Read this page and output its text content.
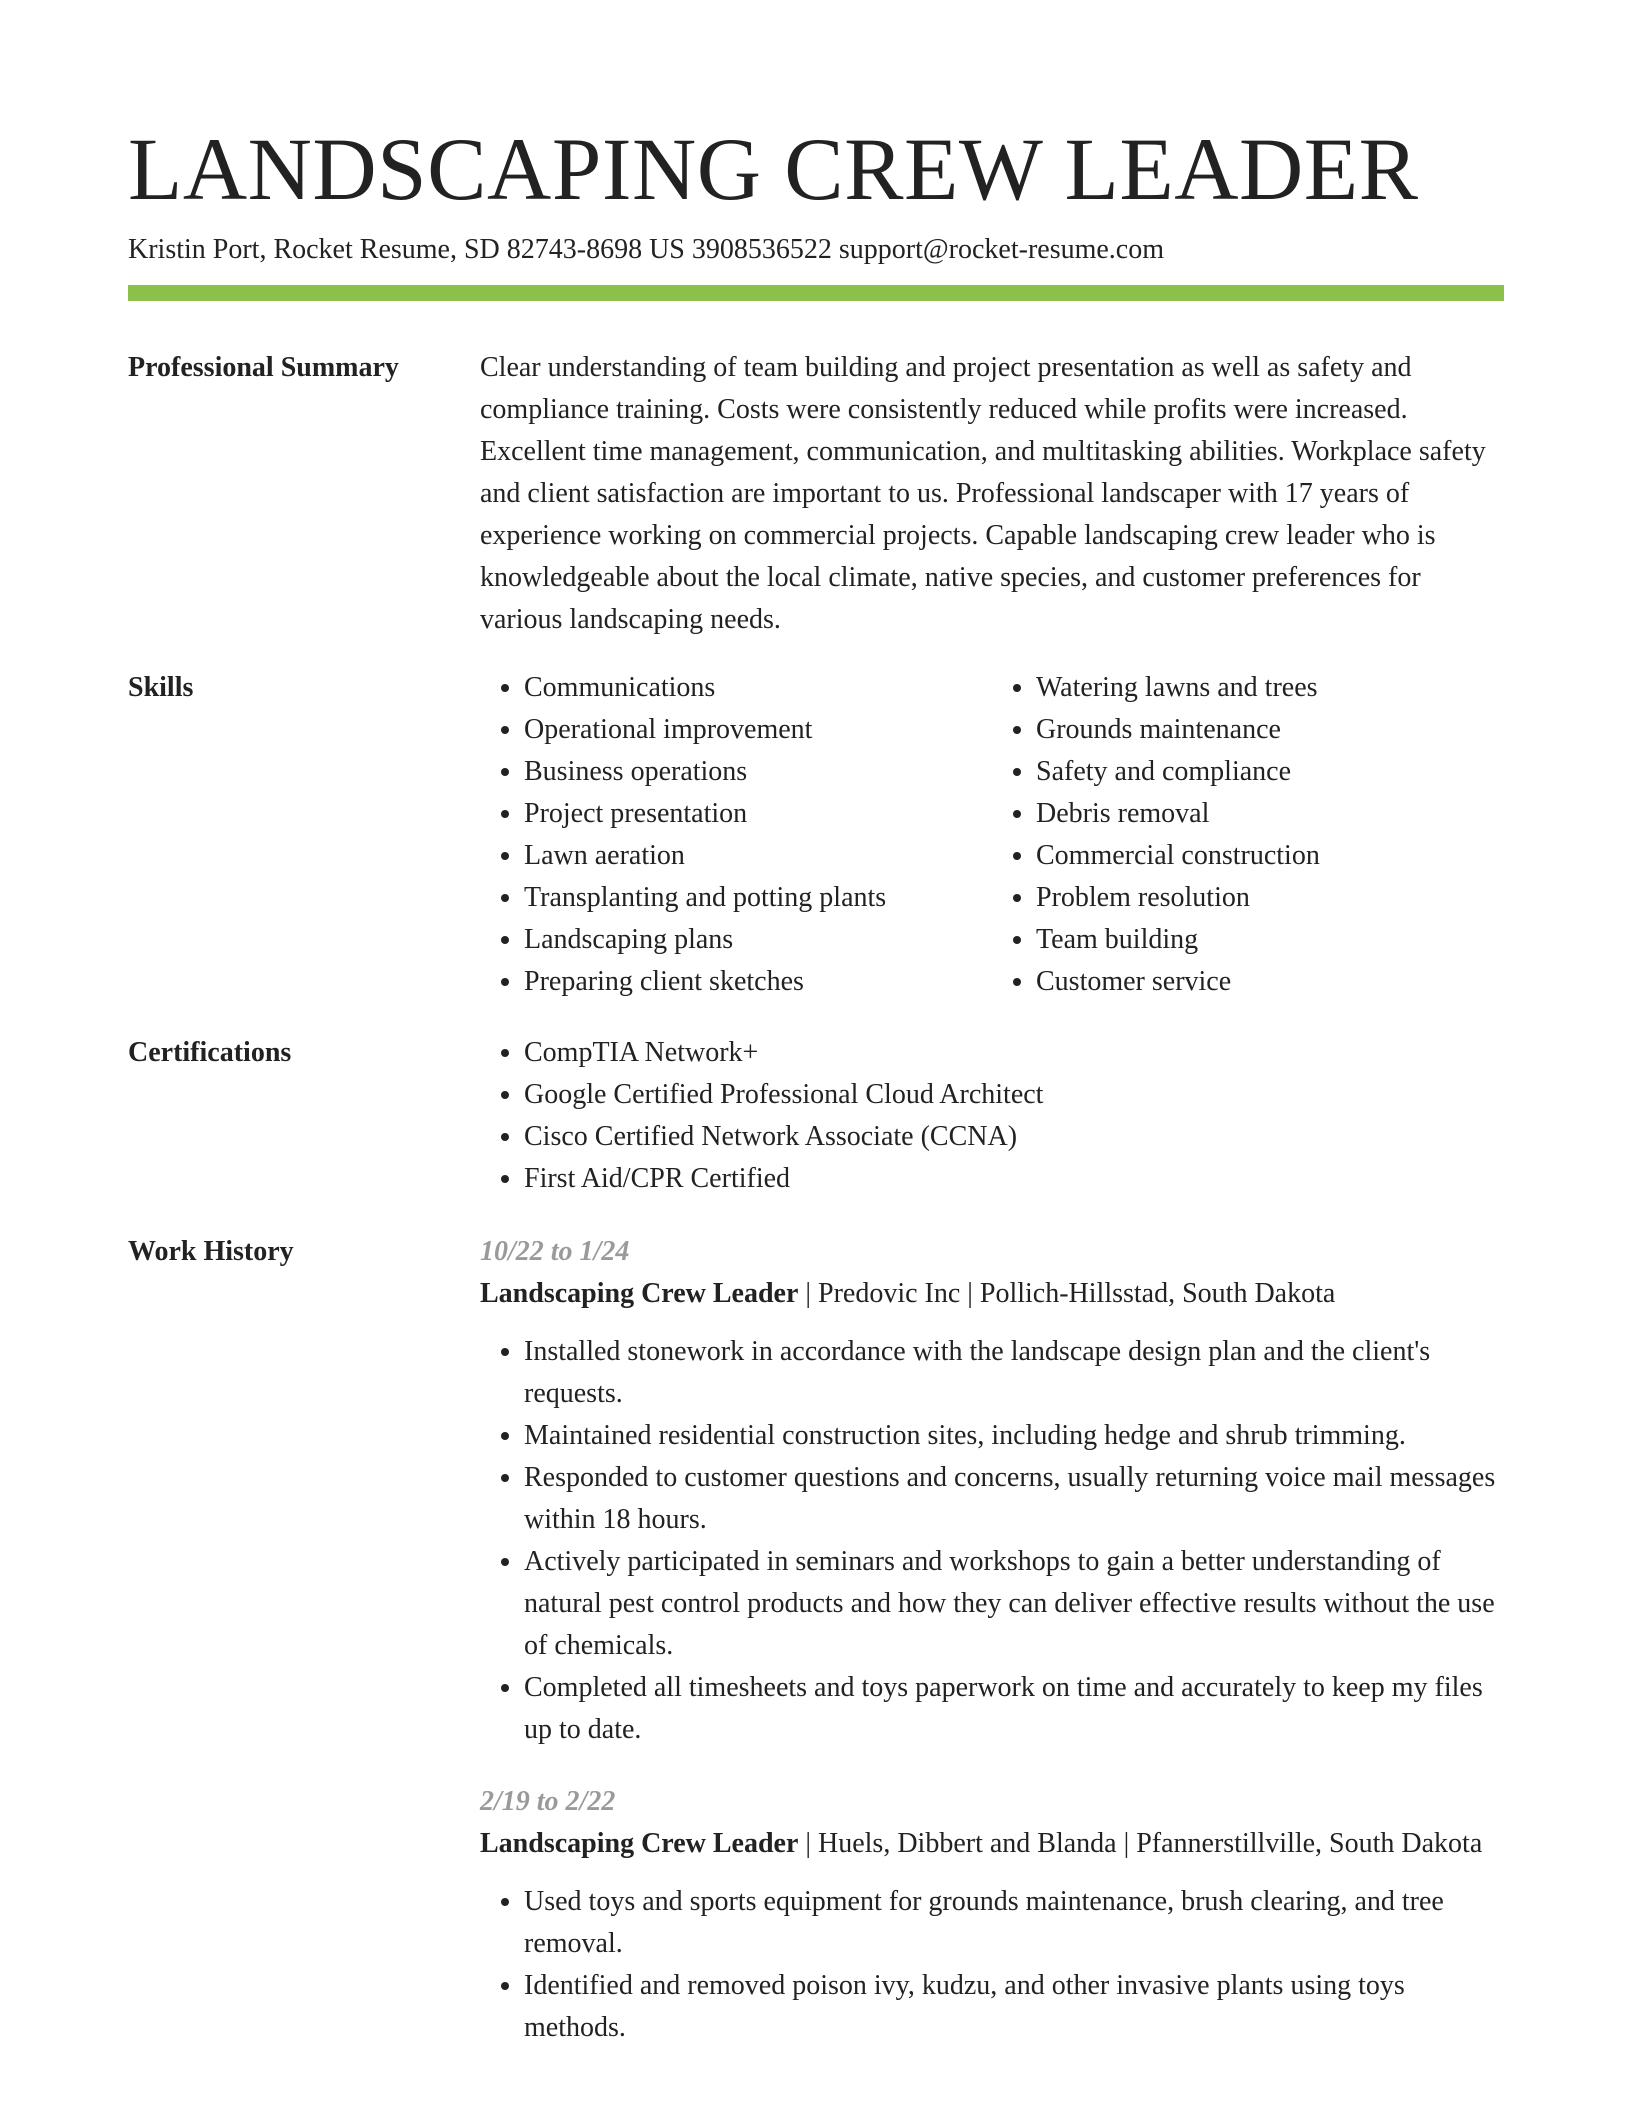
LANDSCAPING CREW LEADER
Kristin Port, Rocket Resume, SD 82743-8698 US 3908536522 support@rocket-resume.com
Professional Summary	Clear understanding of team building and project presentation as well as safety and compliance training. Costs were consistently reduced while profits were increased. Excellent time management, communication, and multitasking abilities. Workplace safety and client satisfaction are important to us. Professional landscaper with 17 years of experience working on commercial projects. Capable landscaping crew leader who is knowledgeable about the local climate, native species, and customer preferences for various landscaping needs.

Skills	• Communications
• Operational improvement
• Business operations
• Project presentation
• Lawn aeration
• Transplanting and potting plants
• Landscaping plans
• Preparing client sketches
• Watering lawns and trees
• Grounds maintenance
• Safety and compliance
• Debris removal
• Commercial construction
• Problem resolution
• Team building
• Customer service
Certifications	• CompTIA Network+
• Google Certified Professional Cloud Architect
• Cisco Certified Network Associate (CCNA)
• First Aid/CPR Certified
Work History	10/22 to 1/24
Landscaping Crew Leader | Predovic Inc | Pollich-Hillsstad, South Dakota
• Installed stonework in accordance with the landscape design plan and the client's requests.
• Maintained residential construction sites, including hedge and shrub trimming.
• Responded to customer questions and concerns, usually returning voice mail messages within 18 hours.
• Actively participated in seminars and workshops to gain a better understanding of natural pest control products and how they can deliver effective results without the use of chemicals.
• Completed all timesheets and toys paperwork on time and accurately to keep my files up to date.
2/19 to 2/22
Landscaping Crew Leader | Huels, Dibbert and Blanda | Pfannerstillville, South Dakota
• Used toys and sports equipment for grounds maintenance, brush clearing, and tree removal.
• Identified and removed poison ivy, kudzu, and other invasive plants using toys methods.
